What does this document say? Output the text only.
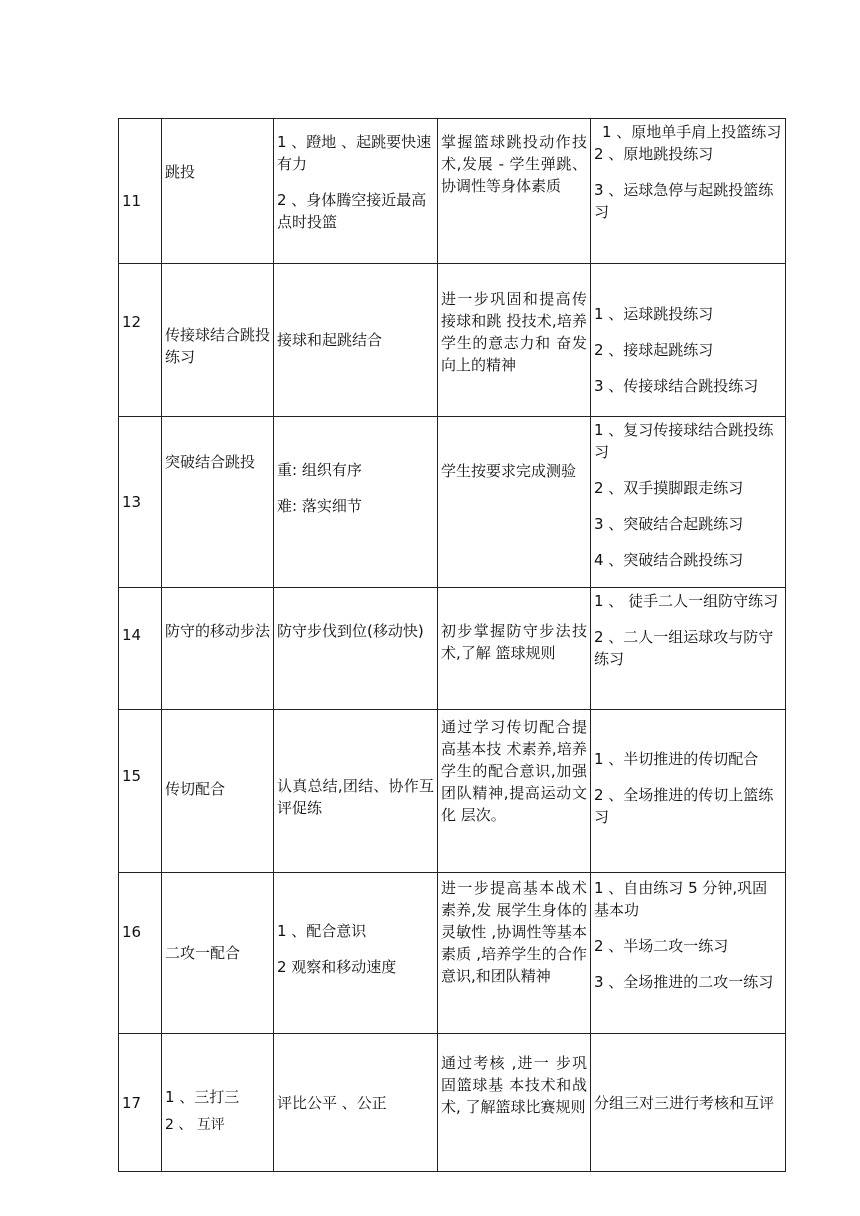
11	跳投	1 、蹬地 、起跳要快速有力
2 、身体腾空接近最高点时投篮	掌握篮球跳投动作技术,发展 - 学生弹跳、协调性等身体素质	1 、原地单手肩上投篮练习
2 、原地跳投练习
3 、运球急停与起跳投篮练习

12	传接球结合跳投 练习	接球和起跳结合	进一步巩固和提高传接球和跳 投技术,培养学生的意志力和 奋发向上的精神	1 、运球跳投练习
2 、接球起跳练习
3 、传接球结合跳投练习

13	突破结合跳投	重: 组织有序
难: 落实细节	学生按要求完成测验	1 、复习传接球结合跳投练习
2 、双手摸脚跟走练习
3 、突破结合起跳练习
4 、突破结合跳投练习

14	防守的移动步法	防守步伐到位(移动快)	初步掌握防守步法技术,了解 篮球规则	1 、 徒手二人一组防守练习
2 、二人一组运球攻与防守练习

15	传切配合	认真总结,团结、协作互评促练	通过学习传切配合提高基本技 术素养,培养学生的配合意识,加强团队精神,提高运动文化 层次。	1 、半切推进的传切配合
2 、全场推进的传切上篮练习

16	二攻一配合	1 、配合意识
2 观察和移动速度	进一步提高基本战术素养,发 展学生身体的灵敏性 ,协调性等基本素质 ,培养学生的合作 意识,和团队精神	1 、自由练习 5 分钟,巩固基本功
2 、半场二攻一练习
3 、全场推进的二攻一练习

17	1 、三打三
2 、 互评	评比公平 、公正	通过考核 ,进一 步巩固篮球基 本技术和战术, 了解篮球比赛规则	分组三对三进行考核和互评
